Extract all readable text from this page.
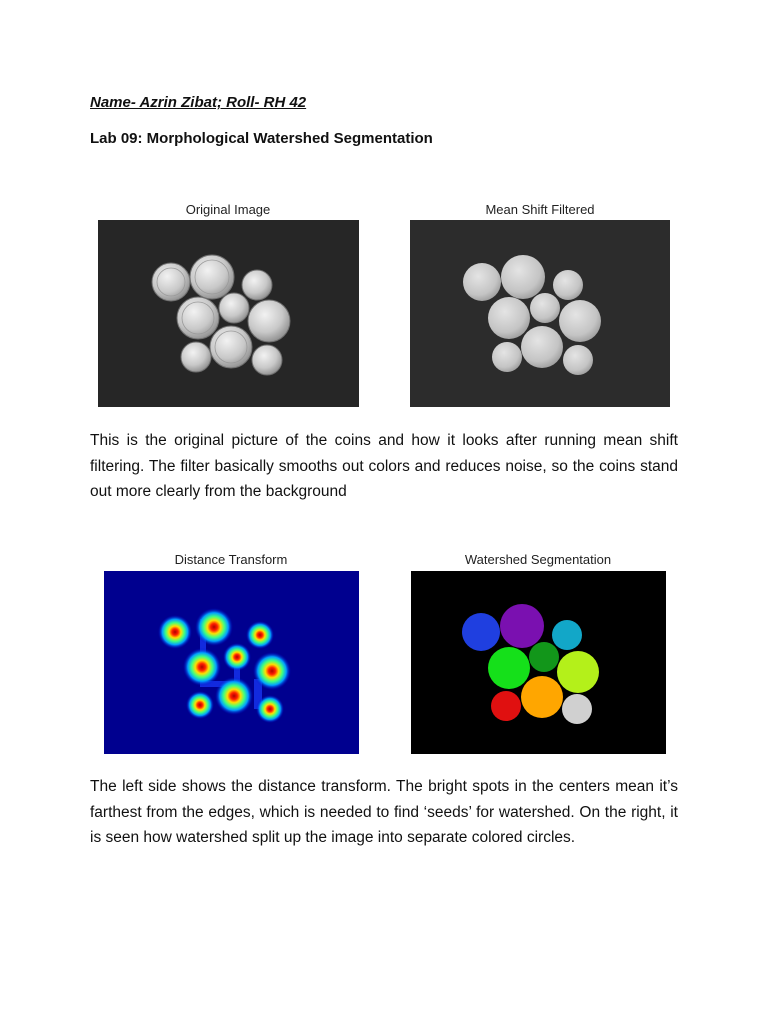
Name- Azrin Zibat; Roll- RH 42
Lab 09: Morphological Watershed Segmentation
Original Image	Mean Shift Filtered
This is the original picture of the coins and how it looks after running mean shift filtering. The filter basically smooths out colors and reduces noise, so the coins stand out more clearly from the background
Distance Transform	Watershed Segmentation
The left side shows the distance transform. The bright spots in the centers mean it’s farthest from the edges, which is needed to find ‘seeds’ for watershed. On the right, it is seen how watershed split up the image into separate colored circles.
